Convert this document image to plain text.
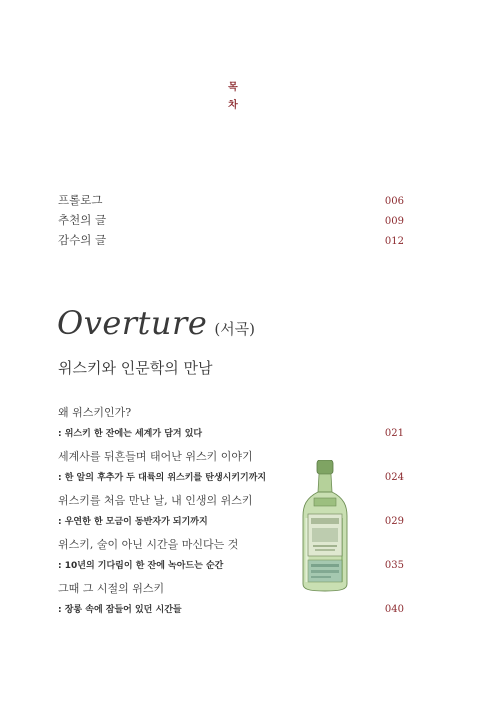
목
차
프롤로그	006
추천의 글	009
감수의 글	012
Overture (서곡)
위스키와 인문학의 만남
왜 위스키인가?
: 위스키 한 잔에는 세계가 담겨 있다	021
세계사를 뒤흔들며 태어난 위스키 이야기
: 한 알의 후추가 두 대륙의 위스키를 탄생시키기까지	024
위스키를 처음 만난 날, 내 인생의 위스키
: 우연한 한 모금이 동반자가 되기까지	029
위스키, 술이 아닌 시간을 마신다는 것
: 10년의 기다림이 한 잔에 녹아드는 순간	035
그때 그 시절의 위스키
: 장롱 속에 잠들어 있던 시간들	040
